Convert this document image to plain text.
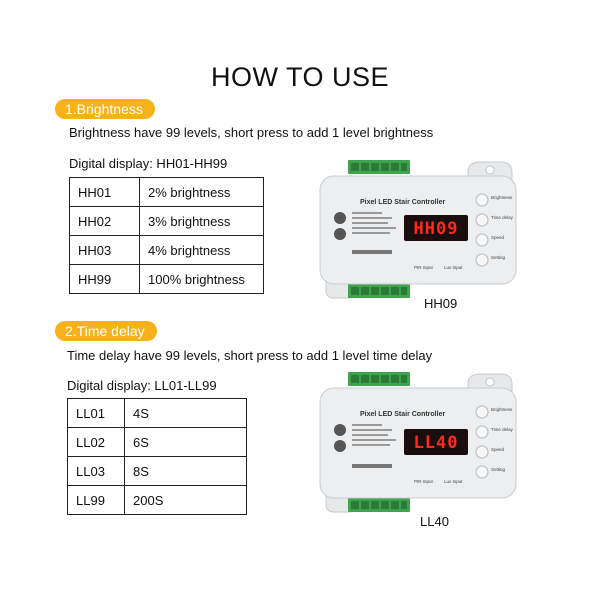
HOW TO USE
1.Brightness
Brightness have 99 levels, short press to add 1 level brightness
Digital display: HH01-HH99
HH01	2% brightness
HH02	3% brightness
HH03	4% brightness
HH99	100% brightness
Pixel LED Stair Controller
HH09
Brightness
Time delay
Speed
Setting
PIR Input Lux Input
HH09
2.Time delay
Time delay have 99 levels, short press to add 1 level time delay
Digital display: LL01-LL99
LL01	4S
LL02	6S
LL03	8S
LL99	200S
Pixel LED Stair Controller
LL40
Brightness
Time delay
Speed
Setting
PIR Input Lux Input
LL40
